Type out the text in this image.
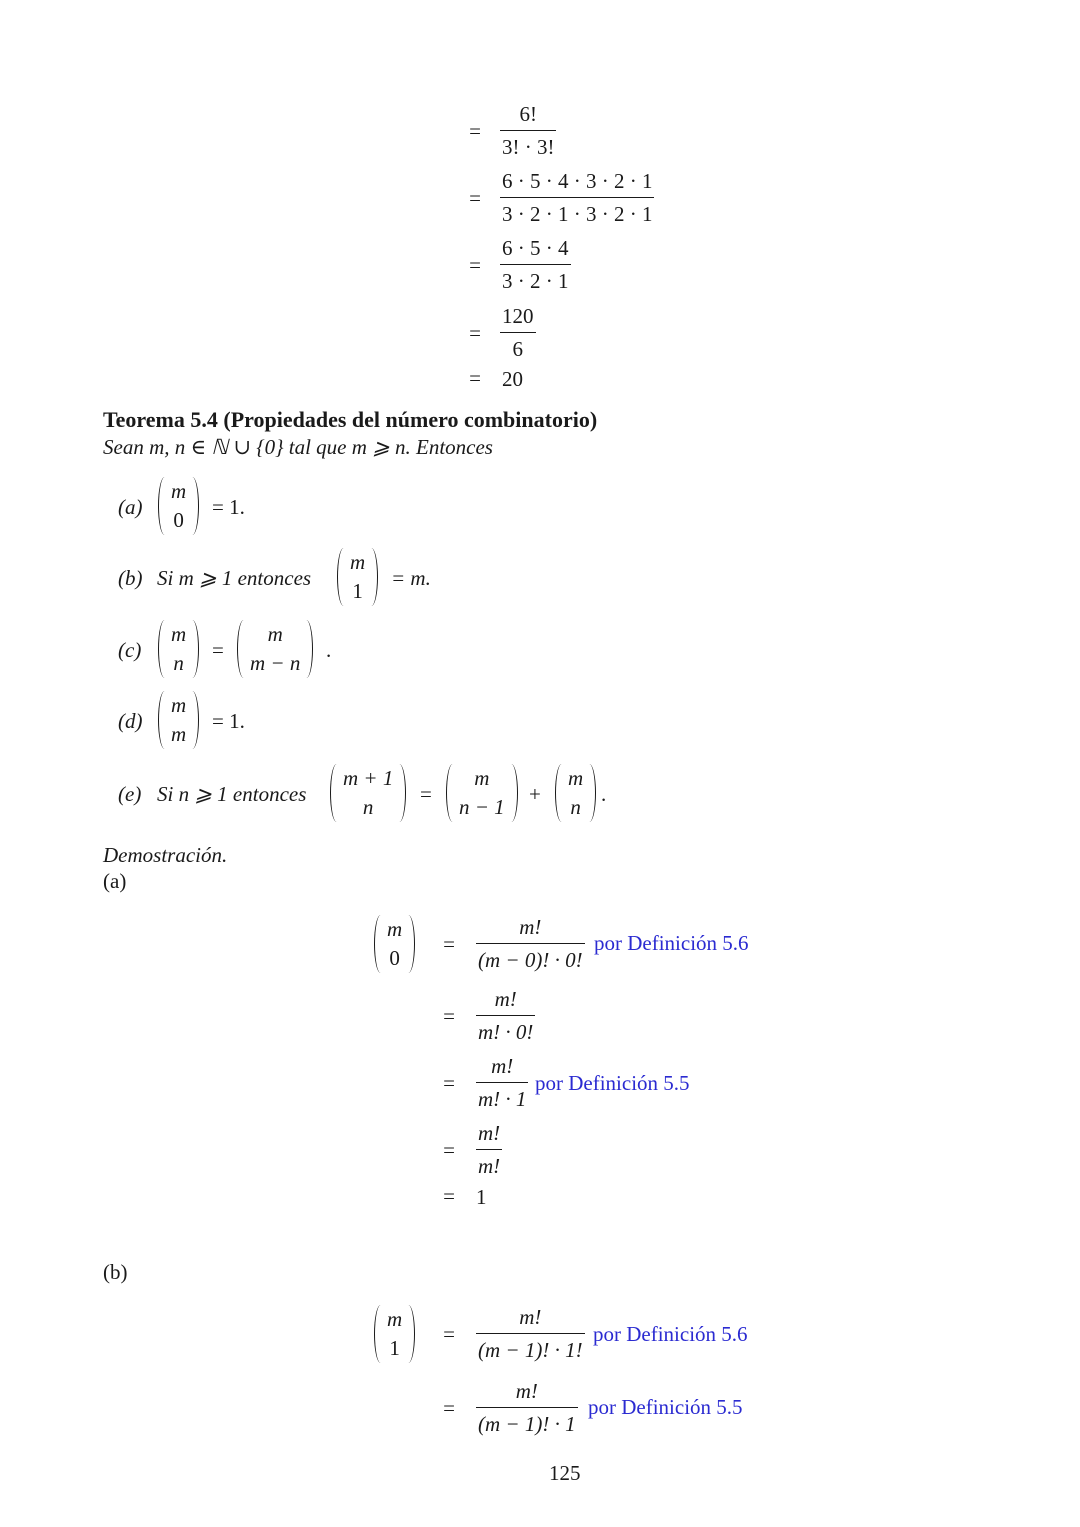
=
6!
3! · 3!
=
6 · 5 · 4 · 3 · 2 · 1
3 · 2 · 1 · 3 · 2 · 1
=
6 · 5 · 4
3 · 2 · 1
=
120
6
= 20
Teorema 5.4 (Propiedades del número combinatorio)
Sean m, n ∈ ℕ ∪ {0} tal que m ⩾ n. Entonces
(a)
m
0
= 1.
(b) Si m ⩾ 1 entonces
m
1
= m.
(c)
m
n
=
m
m − n
.
(d)
m
m
= 1.
(e) Si n ⩾ 1 entonces
m + 1
n
=
m
n − 1
+
m
n
.
Demostración.
(a)
m
0
=
m!
(m − 0)! · 0!
por Definición 5.6
=
m!
m! · 0!
=
m!
m! · 1
por Definición 5.5
=
m!
m!
= 1
(b)
m
1
=
m!
(m − 1)! · 1!
por Definición 5.6
=
m!
(m − 1)! · 1
por Definición 5.5
125
